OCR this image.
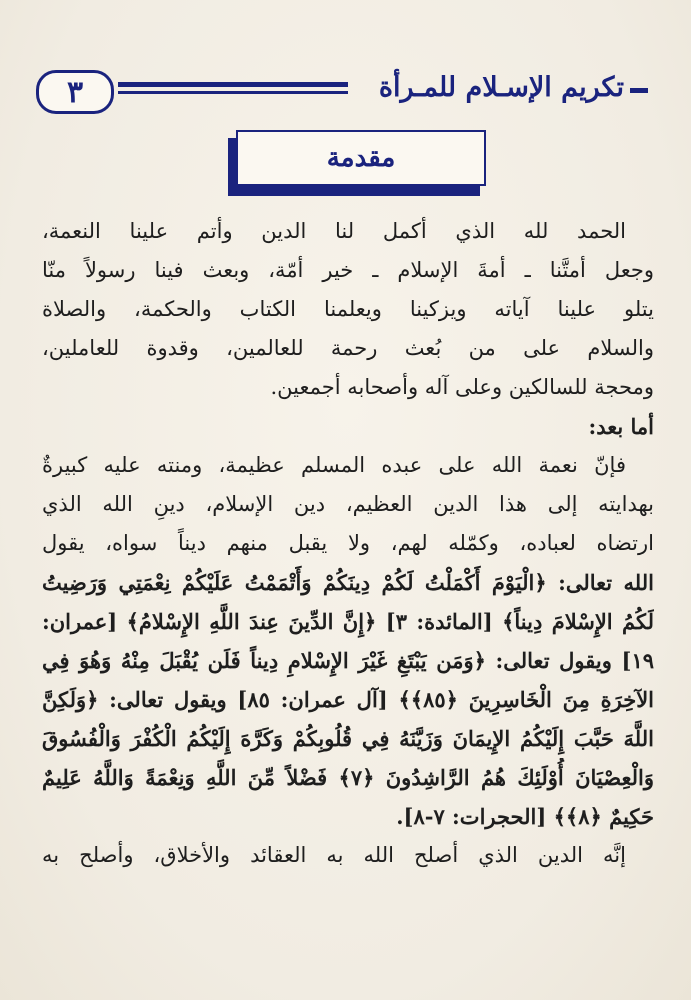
٣	تكريم الإسـلام للمـرأة
مقدمة
الحمد لله الذي أكمل لنا الدين وأتم علينا النعمة،
وجعل أمتَّنا ـ أمةَ الإسلام ـ خير أمّة، وبعث فينا رسولاً منّا
يتلو علينا آياته ويزكينا ويعلمنا الكتاب والحكمة، والصلاة
والسلام على من بُعث رحمة للعالمين، وقدوة للعاملين،
ومحجة للسالكين وعلى آله وأصحابه أجمعين.
أما بعد:
فإنّ نعمة الله على عبده المسلم عظيمة، ومنته عليه كبيرةٌ
بهدايته إلى هذا الدين العظيم، دين الإسلام، دينِ الله الذي
ارتضاه لعباده، وكمّله لهم، ولا يقبل منهم ديناً سواه، يقول
الله تعالى: ﴿الْيَوْمَ أَكْمَلْتُ لَكُمْ دِينَكُمْ وَأَتْمَمْتُ عَلَيْكُمْ نِعْمَتِي وَرَضِيتُ
لَكُمُ الإِسْلامَ دِيناً﴾ [المائدة: ٣] ﴿إِنَّ الدِّينَ عِندَ اللَّهِ الإِسْلامُ﴾ [عمران:
١٩] ويقول تعالى: ﴿وَمَن يَبْتَغِ غَيْرَ الإِسْلامِ دِيناً فَلَن يُقْبَلَ مِنْهُ وَهُوَ فِي
الآخِرَةِ مِنَ الْخَاسِرِينَ ﴿٨٥﴾﴾ [آل عمران: ٨٥] ويقول تعالى: ﴿وَلَكِنَّ
اللَّهَ حَبَّبَ إِلَيْكُمُ الإِيمَانَ وَزَيَّنَهُ فِي قُلُوبِكُمْ وَكَرَّهَ إِلَيْكُمُ الْكُفْرَ وَالْفُسُوقَ
وَالْعِصْيَانَ أُوْلَئِكَ هُمُ الرَّاشِدُونَ ﴿٧﴾ فَضْلاً مِّنَ اللَّهِ وَنِعْمَةً وَاللَّهُ عَلِيمٌ
حَكِيمٌ ﴿٨﴾﴾ [الحجرات: ٧-٨].
إنَّه الدين الذي أصلح الله به العقائد والأخلاق، وأصلح به
